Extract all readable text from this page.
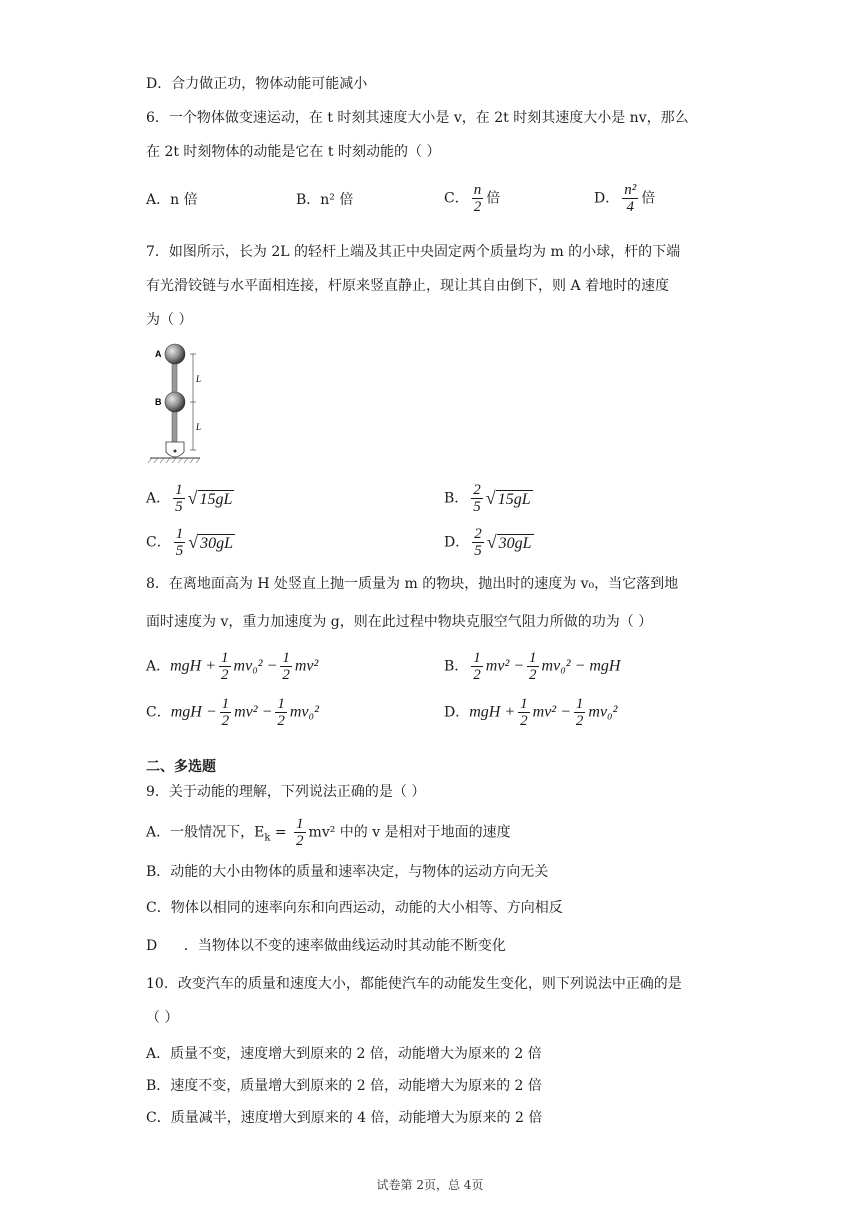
D．合力做正功，物体动能可能减小
6．一个物体做变速运动，在 t 时刻其速度大小是 v，在 2t 时刻其速度大小是 nv，那么
在 2t 时刻物体的动能是它在 t 时刻动能的（ ）
A．n 倍	B．n² 倍	C． $\frac{n}{2}$ 倍	D． $\frac{\text{n²}}{4}$ 倍
7．如图所示，长为 2L 的轻杆上端及其正中央固定两个质量均为 m 的小球，杆的下端
有光滑铰链与水平面相连接，杆原来竖直静止，现让其自由倒下，则 A 着地时的速度
为（ ）
A
B
L
L
A． $\frac{1}{5}$ √ 15gL	B． $\frac{2}{5}$ √ 15gL
C． $\frac{1}{5}$ √ 30gL	D． $\frac{2}{5}$ √ 30gL
8．在离地面高为 H 处竖直上抛一质量为 m 的物块，抛出时的速度为 v₀，当它落到地
面时速度为 v，重力加速度为 g，则在此过程中物块克服空气阻力所做的功为（ ）
A．mgH + $\frac{1}{2} mv_0^2 - \frac{1}{2} mv^2$	B． $\frac{1}{2} mv^2 - \frac{1}{2} mv_0^2$ − mgH
C．mgH − $\frac{1}{2} mv^2 - \frac{1}{2} mv_0^2$	D．mgH + $\frac{1}{2} mv^2 - \frac{1}{2} mv_0^2$
二、多选题
9．关于动能的理解，下列说法正确的是（ ）
A．一般情况下，$E_k = \frac{1}{2} mv^2$ 中的 v 是相对于地面的速度
B．动能的大小由物体的质量和速率决定，与物体的运动方向无关
C．物体以相同的速率向东和向西运动，动能的大小相等、方向相反
D      ．当物体以不变的速率做曲线运动时其动能不断变化
10．改变汽车的质量和速度大小，都能使汽车的动能发生变化，则下列说法中正确的是
（ ）
A．质量不变，速度增大到原来的 2 倍，动能增大为原来的 2 倍
B．速度不变，质量增大到原来的 2 倍，动能增大为原来的 2 倍
C．质量减半，速度增大到原来的 4 倍，动能增大为原来的 2 倍
试卷第 2页，总 4页
